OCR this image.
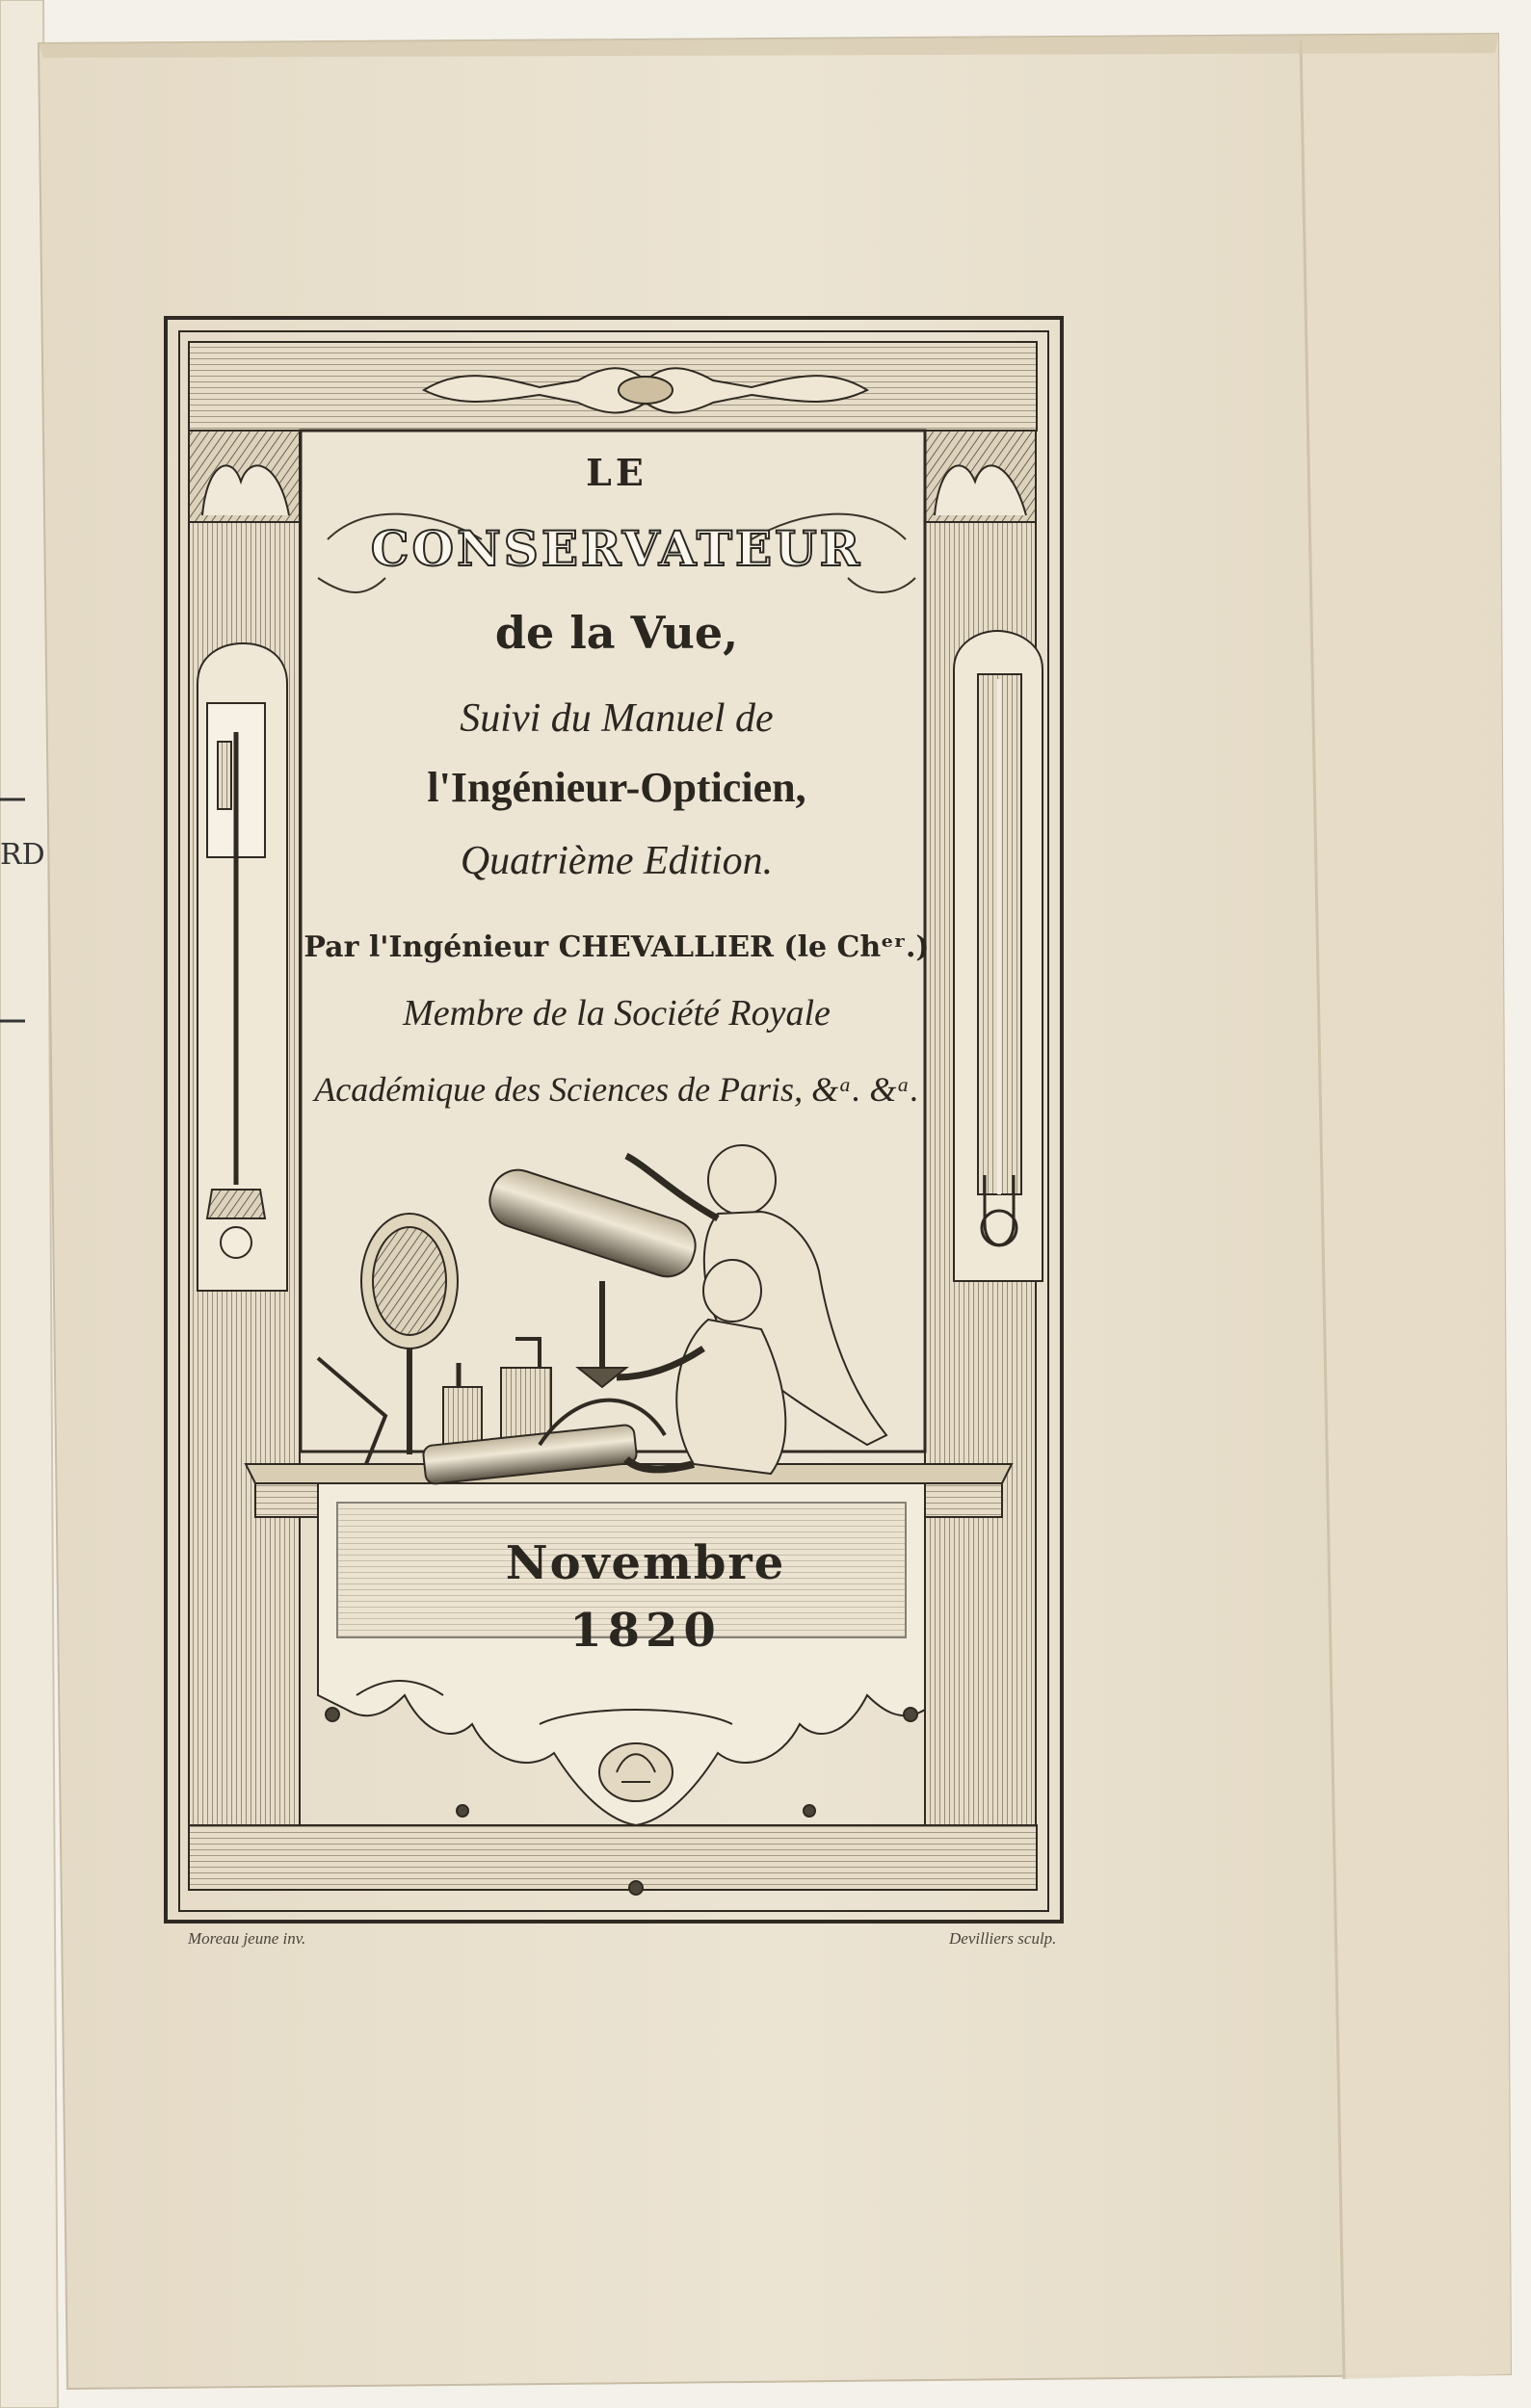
LE

CONSERVATEUR

de la Vue,

Suivi du Manuel de

l'Ingénieur-Opticien,

Quatrième Edition.

Par l'Ingénieur CHEVALLIER (le Chᵉʳ.)

Membre de la Société Royale

Académique des Sciences de Paris, &ᵃ. &ᵃ.

Novembre
1820
Moreau jeune inv.	Devilliers sculp.
RD
